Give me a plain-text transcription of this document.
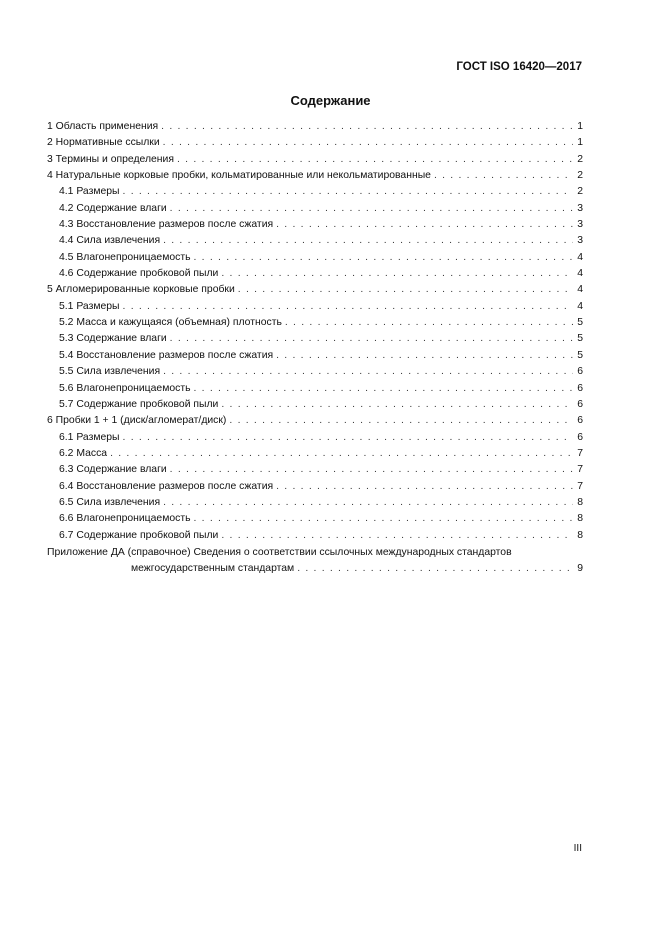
ГОСТ ISO 16420—2017
Содержание
1 Область применения . . .	1
2 Нормативные ссылки . . .	1
3 Термины и определения . . .	2
4 Натуральные корковые пробки, кольматированные или некольматированные . . .	2
4.1 Размеры . . .	2
4.2 Содержание влаги . . .	3
4.3 Восстановление размеров после сжатия . . .	3
4.4 Сила извлечения . . .	3
4.5 Влагонепроницаемость . . .	4
4.6 Содержание пробковой пыли . . .	4
5 Агломерированные корковые пробки . . .	4
5.1 Размеры . . .	4
5.2 Масса и кажущаяся (объемная) плотность . . .	5
5.3 Содержание влаги . . .	5
5.4 Восстановление размеров после сжатия . . .	5
5.5 Сила извлечения . . .	6
5.6 Влагонепроницаемость . . .	6
5.7 Содержание пробковой пыли . . .	6
6 Пробки 1 + 1 (диск/агломерат/диск) . . .	6
6.1 Размеры . . .	6
6.2 Масса . . .	7
6.3 Содержание влаги . . .	7
6.4 Восстановление размеров после сжатия . . .	7
6.5 Сила извлечения . . .	8
6.6 Влагонепроницаемость . . .	8
6.7 Содержание пробковой пыли . . .	8
Приложение ДА (справочное) Сведения о соответствии ссылочных международных стандартов
межгосударственным стандартам . . .	9
III
